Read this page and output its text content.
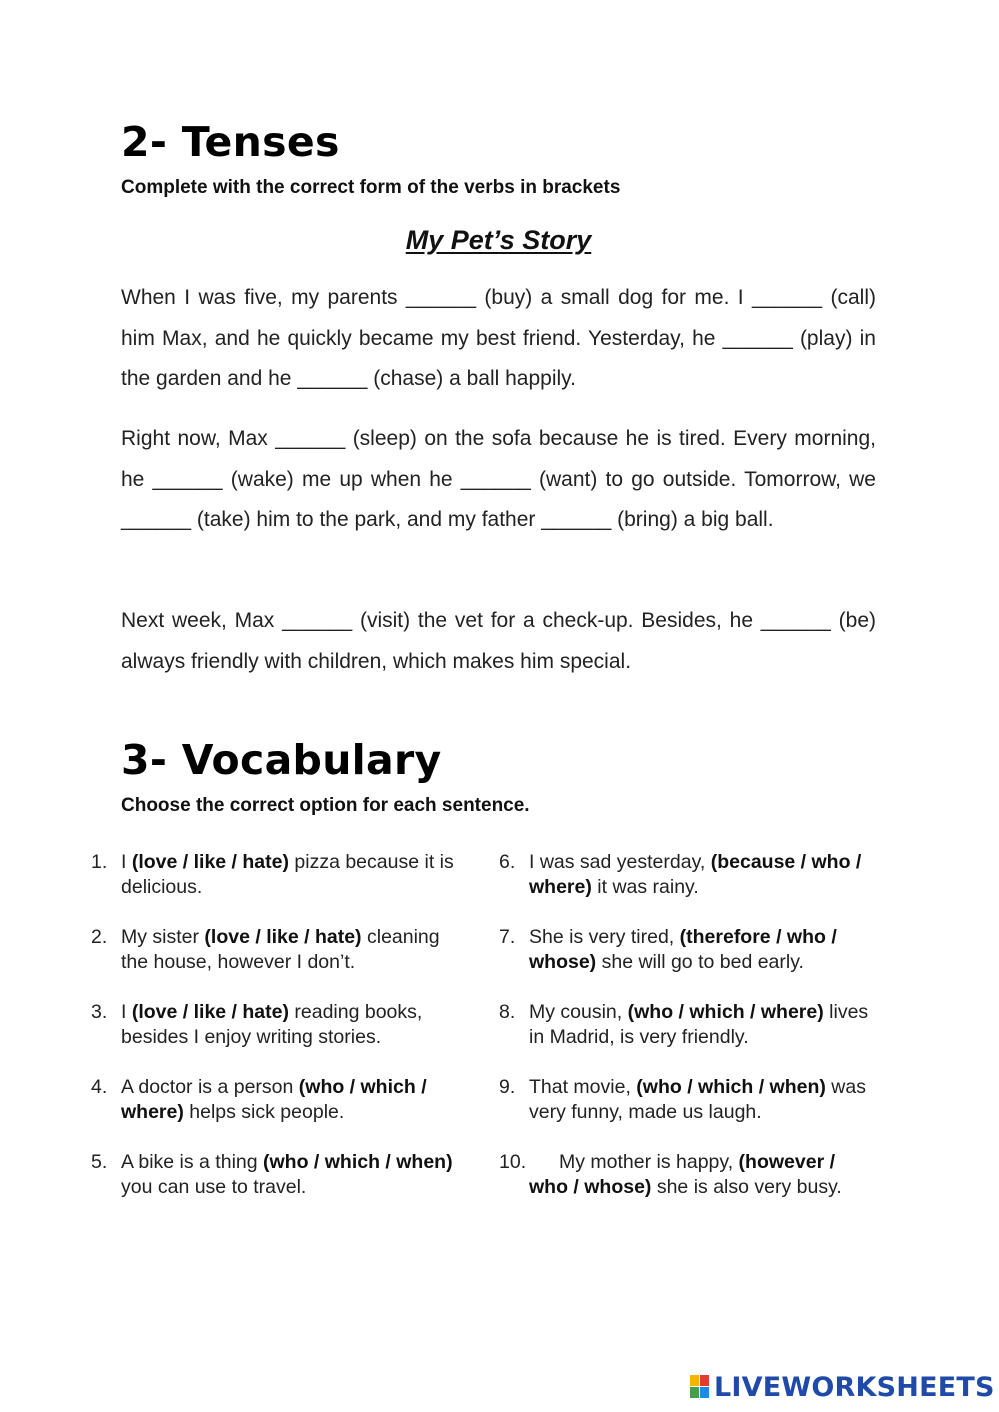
2- Tenses

Complete with the correct form of the verbs in brackets

My Pet’s Story

When I was five, my parents ______ (buy) a small dog for me. I ______ (call) him Max, and he quickly became my best friend. Yesterday, he ______ (play) in the garden and he ______ (chase) a ball happily.

Right now, Max ______ (sleep) on the sofa because he is tired. Every morning, he ______ (wake) me up when he ______ (want) to go outside. Tomorrow, we ______ (take) him to the park, and my father ______ (bring) a big ball.

Next week, Max ______ (visit) the vet for a check-up. Besides, he ______ (be) always friendly with children, which makes him special.

3- Vocabulary

Choose the correct option for each sentence.

1. I (love / like / hate) pizza because it is delicious.
2. My sister (love / like / hate) cleaning the house, however I don’t.
3. I (love / like / hate) reading books, besides I enjoy writing stories.
4. A doctor is a person (who / which / where) helps sick people.
5. A bike is a thing (who / which / when) you can use to travel.
6. I was sad yesterday, (because / who / where) it was rainy.
7. She is very tired, (therefore / who / whose) she will go to bed early.
8. My cousin, (who / which / where) lives in Madrid, is very friendly.
9. That movie, (who / which / when) was very funny, made us laugh.
10. My mother is happy, (however / who / whose) she is also very busy.
LIVEWORKSHEETS
